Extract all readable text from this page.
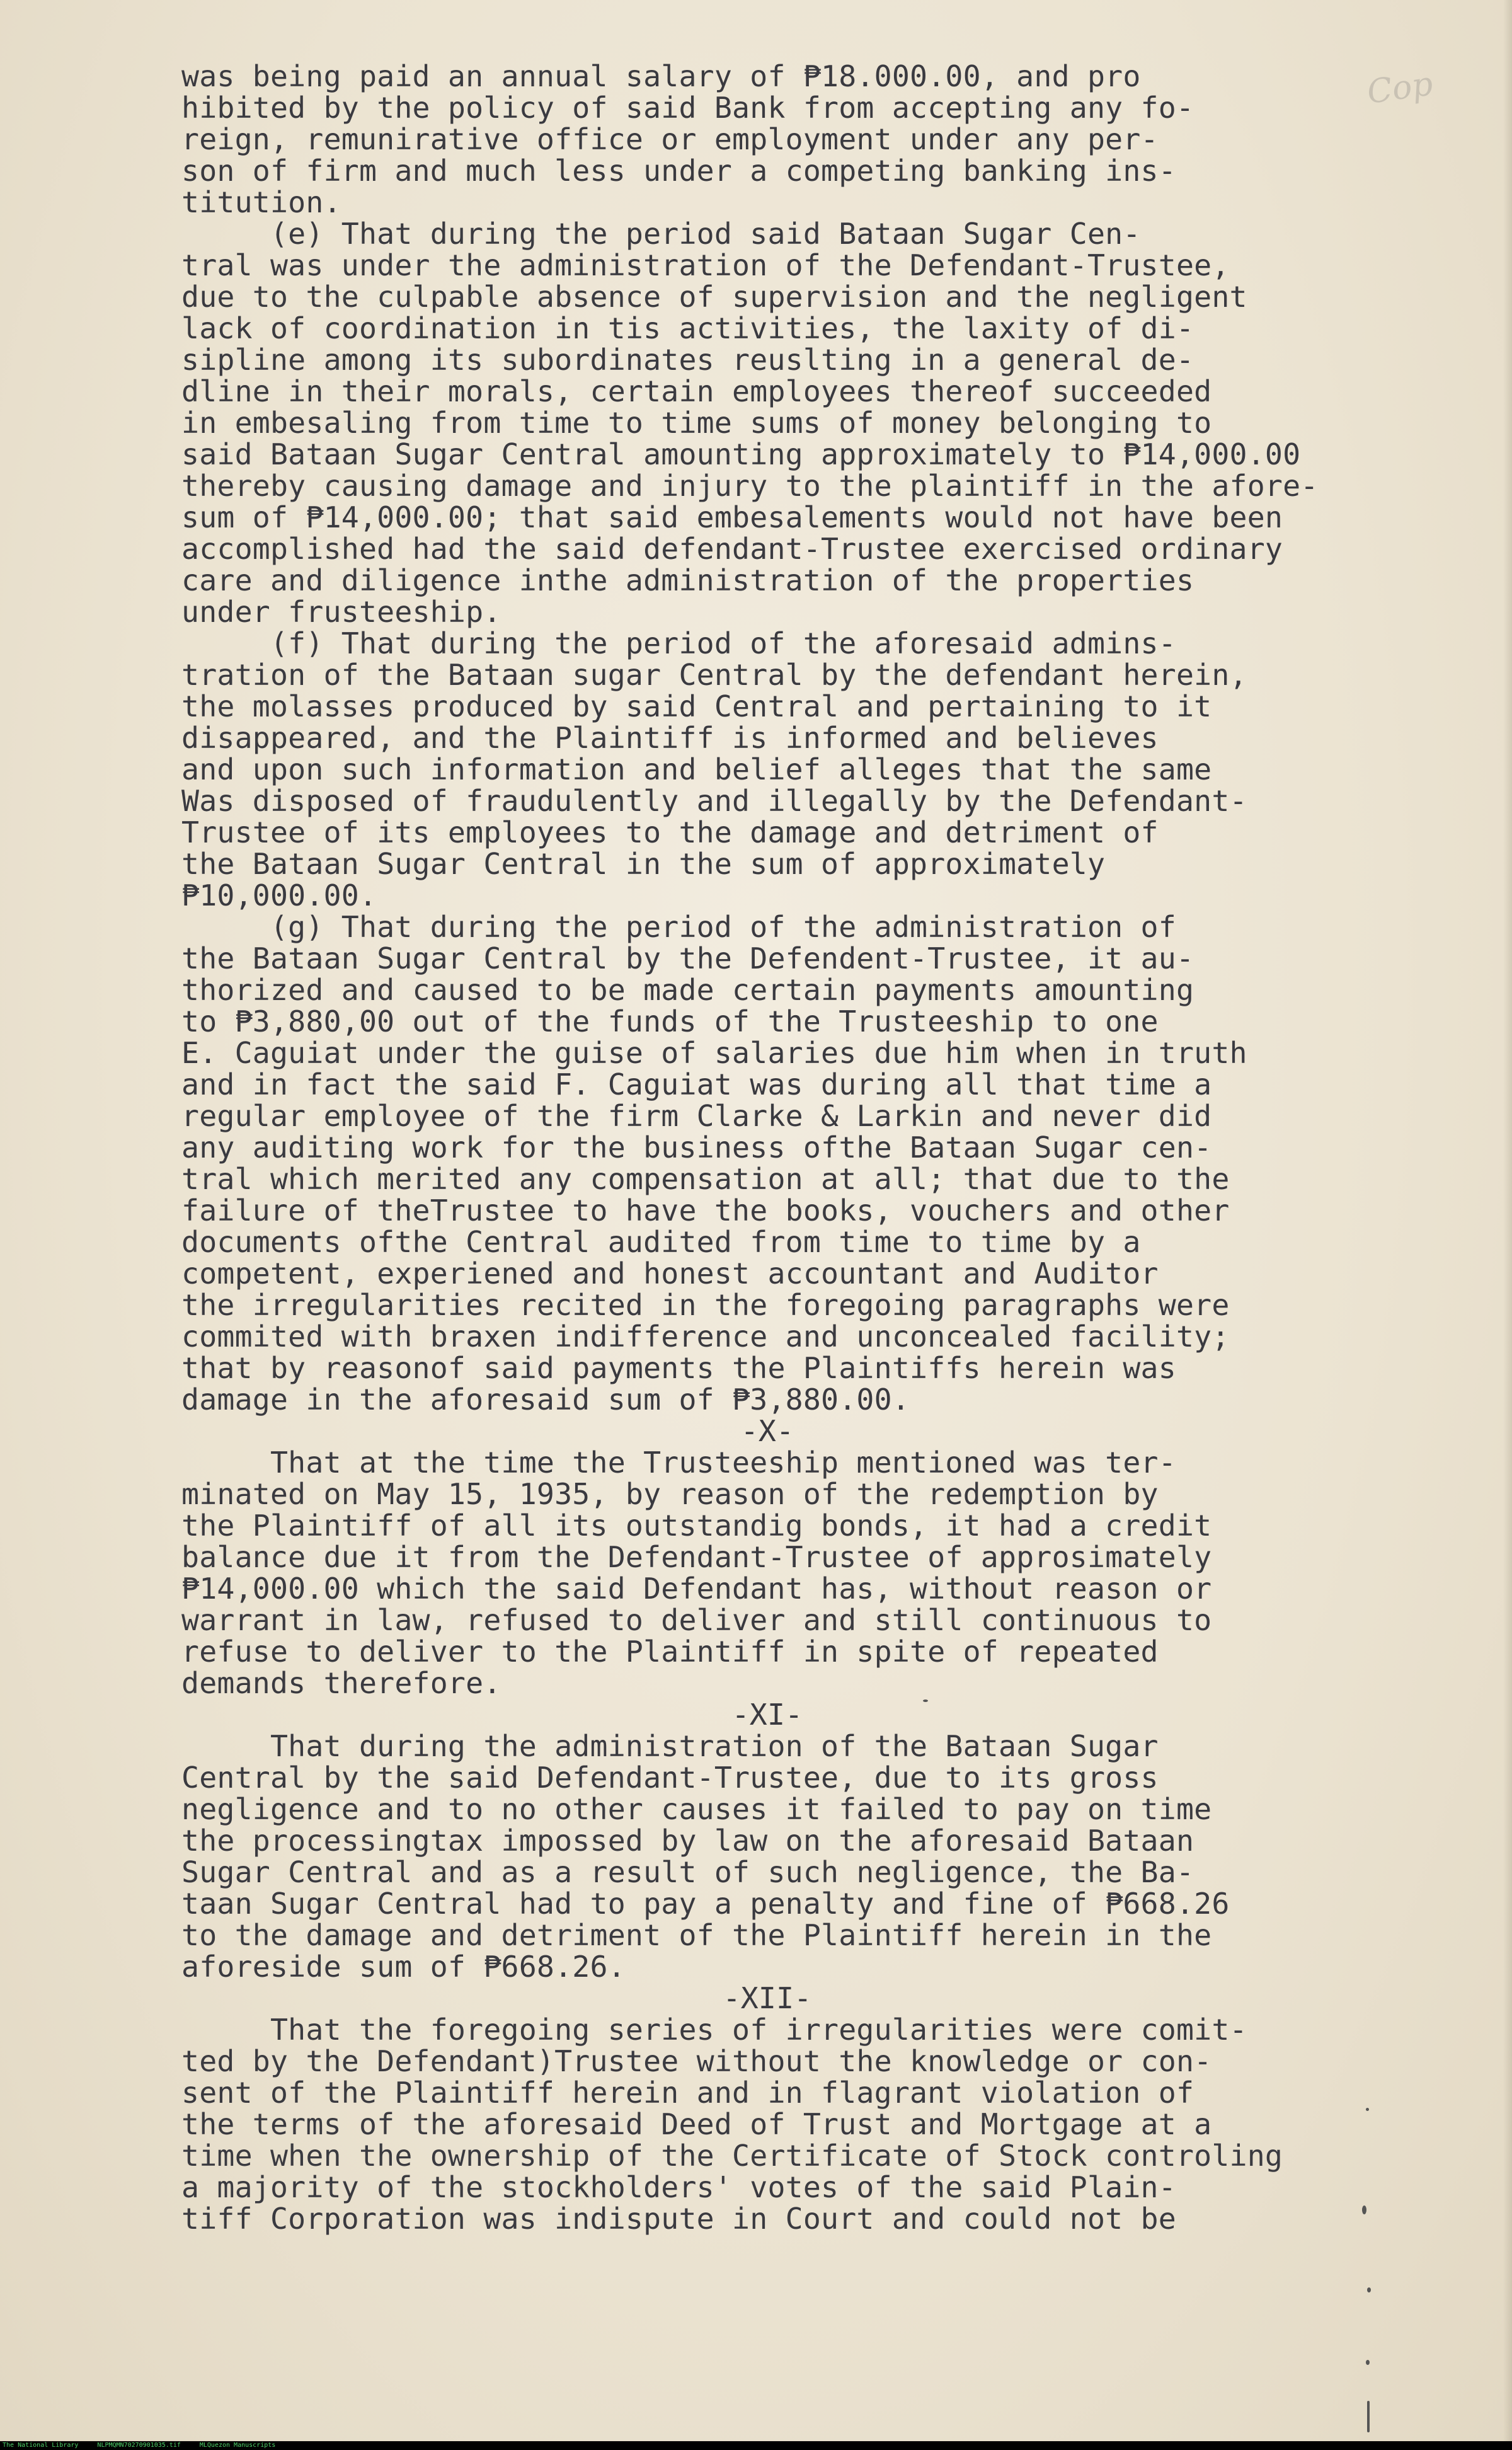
Cop
was being paid an annual salary of ₱18.000.00, and pro
hibited by the policy of said Bank from accepting any fo-
reign, remunirative office or employment under any per-
son of firm and much less under a competing banking ins-
titution.
(e) That during the period said Bataan Sugar Cen-
tral was under the administration of the Defendant-Trustee,
due to the culpable absence of supervision and the negligent
lack of coordination in tis activities, the laxity of di-
sipline among its subordinates reuslting in a general de-
dline in their morals, certain employees thereof succeeded
in embesaling from time to time sums of money belonging to
said Bataan Sugar Central amounting approximately to ₱14,000.00
thereby causing damage and injury to the plaintiff in the afore-
sum of ₱14,000.00; that said embesalements would not have been
accomplished had the said defendant-Trustee exercised ordinary
care and diligence inthe administration of the properties
under frusteeship.
(f) That during the period of the aforesaid admins-
tration of the Bataan sugar Central by the defendant herein,
the molasses produced by said Central and pertaining to it
disappeared, and the Plaintiff is informed and believes
and upon such information and belief alleges that the same
Was disposed of fraudulently and illegally by the Defendant-
Trustee of its employees to the damage and detriment of
the Bataan Sugar Central in the sum of approximately
₱10,000.00.
(g) That during the period of the administration of
the Bataan Sugar Central by the Defendent-Trustee, it au-
thorized and caused to be made certain payments amounting
to ₱3,880,00 out of the funds of the Trusteeship to one
E. Caguiat under the guise of salaries due him when in truth
and in fact the said F. Caguiat was during all that time a
regular employee of the firm Clarke & Larkin and never did
any auditing work for the business ofthe Bataan Sugar cen-
tral which merited any compensation at all; that due to the
failure of theTrustee to have the books, vouchers and other
documents ofthe Central audited from time to time by a
competent, experiened and honest accountant and Auditor
the irregularities recited in the foregoing paragraphs were
commited with braxen indifference and unconcealed facility;
that by reasonof said payments the Plaintiffs herein was
damage in the aforesaid sum of ₱3,880.00.
-X-
That at the time the Trusteeship mentioned was ter-
minated on May 15, 1935, by reason of the redemption by
the Plaintiff of all its outstandig bonds, it had a credit
balance due it from the Defendant-Trustee of approsimately
₱14,000.00 which the said Defendant has, without reason or
warrant in law, refused to deliver and still continuous to
refuse to deliver to the Plaintiff in spite of repeated
demands therefore.
-XI-
That during the administration of the Bataan Sugar
Central by the said Defendant-Trustee, due to its gross
negligence and to no other causes it failed to pay on time
the processingtax impossed by law on the aforesaid Bataan
Sugar Central and as a result of such negligence, the Ba-
taan Sugar Central had to pay a penalty and fine of ₱668.26
to the damage and detriment of the Plaintiff herein in the
aforeside sum of ₱668.26.
-XII-
That the foregoing series of irregularities were comit-
ted by the Defendant)Trustee without the knowledge or con-
sent of the Plaintiff herein and in flagrant violation of
the terms of the aforesaid Deed of Trust and Mortgage at a
time when the ownership of the Certificate of Stock controling
a majority of the stockholders' votes of the said Plain-
tiff Corporation was indispute in Court and could not be
The National Library	NLPMQMN70270901035.tif	MLQuezon Manuscripts
